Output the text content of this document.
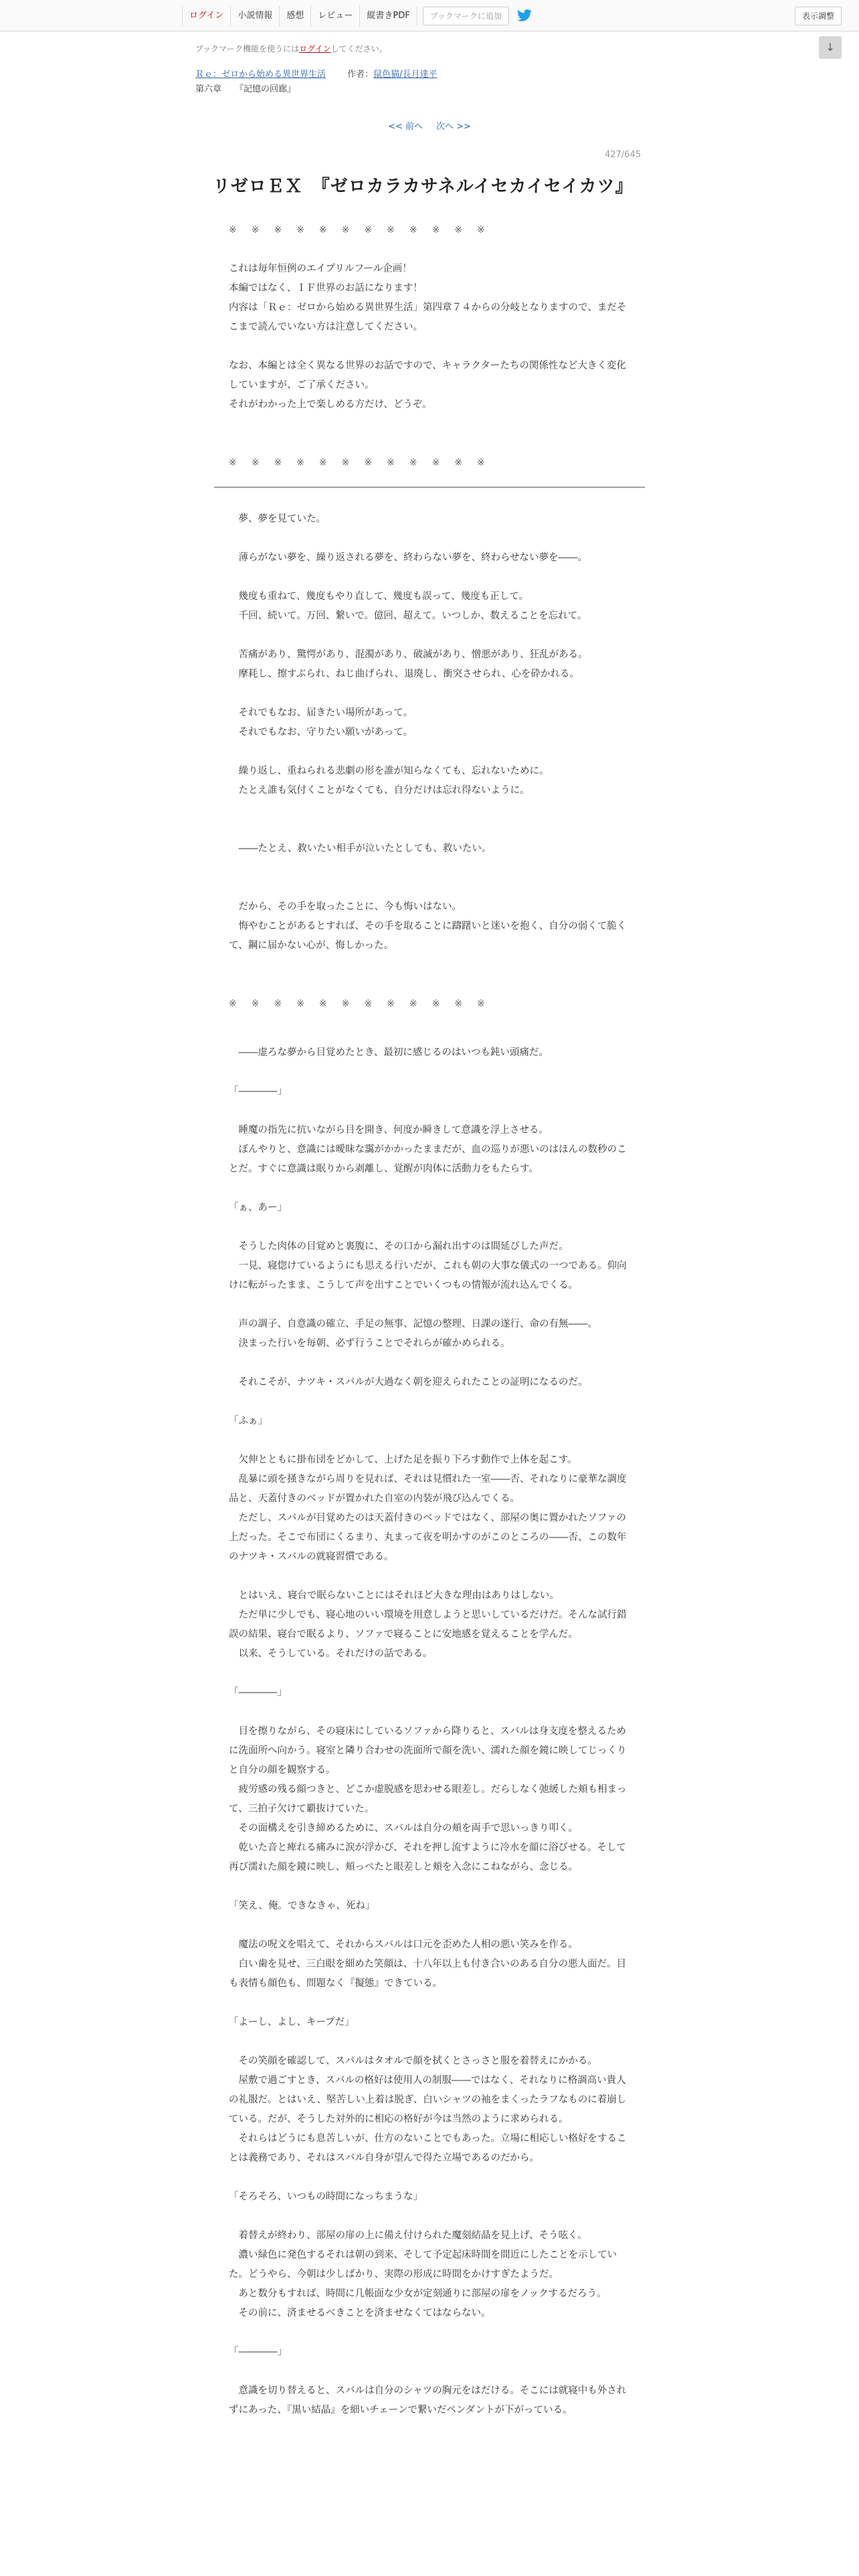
ログイン	小説情報	感想	レビュー	縦書きPDF	ブックマークに追加	表示調整
↓
ブックマーク機能を使うにはログインしてください。
Ｒｅ：ゼロから始める異世界生活 作者：鼠色猫/長月達平
第六章 『記憶の回廊』
<< 前へ 次へ >>
427/645
リゼロＥＸ　『ゼロカラカサネルイセカイセイカツ』

※　※　※　※　※　※　※　※　※　※　※　※

これは毎年恒例のエイプリルフール企画！
本編ではなく、ＩＦ世界のお話になります！
内容は「Ｒｅ：ゼロから始める異世界生活」第四章７４からの分岐となりますので、まだそこまで読んでいない方は注意してください。

なお、本編とは全く異なる世界のお話ですので、キャラクターたちの関係性など大きく変化していますが、ご了承ください。
それがわかった上で楽しめる方だけ、どうぞ。

※　※　※　※　※　※　※　※　※　※　※　※

　夢、夢を見ていた。

　薄らがない夢を、繰り返される夢を、終わらない夢を、終わらせない夢を――。

　幾度も重ねて、幾度もやり直して、幾度も誤って、幾度も正して。
　千回、続いて。万回、繋いで。億回、超えて。いつしか、数えることを忘れて。

　苦痛があり、驚愕があり、混濁があり、破滅があり、憎悪があり、狂乱がある。
　摩耗し、擦すぶられ、ねじ曲げられ、退廃し、衝突させられ、心を砕かれる。

　それでもなお、届きたい場所があって。
　それでもなお、守りたい願いがあって。

　繰り返し、重ねられる悲劇の形を誰が知らなくても、忘れないために。
　たとえ誰も気付くことがなくても、自分だけは忘れ得ないように。

　――たとえ、救いたい相手が泣いたとしても、救いたい。

　だから、その手を取ったことに、今も悔いはない。
　悔やむことがあるとすれば、その手を取ることに躊躇いと迷いを抱く、自分の弱くて脆くて、鋼に届かない心が、悔しかった。

※　※　※　※　※　※　※　※　※　※　※　※

　――虚ろな夢から目覚めたとき、最初に感じるのはいつも鈍い頭痛だ。

「――――」

　睡魔の指先に抗いながら目を開き、何度か瞬きして意識を浮上させる。
　ぼんやりと、意識には曖昧な靄がかかったままだが、血の巡りが悪いのはほんの数秒のことだ。すぐに意識は眠りから剥離し、覚醒が肉体に活動力をもたらす。

「ぁ、あー」

　そうした肉体の目覚めと裏腹に、その口から漏れ出すのは間延びした声だ。
　一見、寝惚けているようにも思える行いだが、これも朝の大事な儀式の一つである。仰向けに転がったまま、こうして声を出すことでいくつもの情報が流れ込んでくる。

　声の調子、自意識の確立、手足の無事、記憶の整理、日課の遂行、命の有無――。
　決まった行いを毎朝、必ず行うことでそれらが確かめられる。

　それこそが、ナツキ・スバルが大過なく朝を迎えられたことの証明になるのだ。

「ふぁ」

　欠伸とともに掛布団をどかして、上げた足を振り下ろす動作で上体を起こす。
　乱暴に頭を掻きながら周りを見れば、それは見慣れた一室――否、それなりに豪華な調度品と、天蓋付きのベッドが置かれた自室の内装が飛び込んでくる。
　ただし、スバルが目覚めたのは天蓋付きのベッドではなく、部屋の奥に置かれたソファの上だった。そこで布団にくるまり、丸まって夜を明かすのがこのところの――否、この数年のナツキ・スバルの就寝習慣である。

　とはいえ、寝台で眠らないことにはそれほど大きな理由はありはしない。
　ただ単に少しでも、寝心地のいい環境を用意しようと思いしているだけだ。そんな試行錯誤の結果、寝台で眠るより、ソファで寝ることに安地感を覚えることを学んだ。
　以来、そうしている。それだけの話である。

「――――」

　目を擦りながら、その寝床にしているソファから降りると、スバルは身支度を整えるために洗面所へ向かう。寝室と隣り合わせの洗面所で顔を洗い、濡れた顔を鏡に映してじっくりと自分の顔を観察する。
　疲労感の残る顔つきと、どこか虚脱感を思わせる眼差し。だらしなく弛緩した頬も相まって、三拍子欠けて覇抜けていた。
　その面構えを引き締めるために、スバルは自分の頬を両手で思いっきり叩く。
　乾いた音と痺れる痛みに涙が浮かび、それを押し流すように冷水を顔に浴びせる。そして再び濡れた顔を鏡に映し、頬っぺたと眼差しと頬を入念にこねながら、念じる。

「笑え、俺。できなきゃ、死ね」

　魔法の呪文を唱えて、それからスバルは口元を歪めた人相の悪い笑みを作る。
　白い歯を見せ、三白眼を細めた笑顔は、十八年以上も付き合いのある自分の悪人面だ。目も表情も顔色も、問題なく『擬態』できている。

「よーし、よし、キープだ」

　その笑顔を確認して、スバルはタオルで顔を拭くとさっさと服を着替えにかかる。
　屋敷で過ごすとき、スバルの格好は使用人の制服――ではなく、それなりに格調高い貴人の礼服だ。とはいえ、堅苦しい上着は脱ぎ、白いシャツの袖をまくったラフなものに着崩している。だが、そうした対外的に相応の格好が今は当然のように求められる。
　それらはどうにも息苦しいが、仕方のないことでもあった。立場に相応しい格好をすることは義務であり、それはスバル自身が望んで得た立場であるのだから。

「そろそろ、いつもの時間になっちまうな」

　着替えが終わり、部屋の扉の上に備え付けられた魔刻結晶を見上げ、そう呟く。
　濃い緑色に発色するそれは朝の到来、そして予定起床時間を間近にしたことを示していた。どうやら、今朝は少しばかり、実際の形成に時間をかけすぎたようだ。
　あと数分もすれば、時間に几帳面な少女が定刻通りに部屋の扉をノックするだろう。
　その前に、済ませるべきことを済ませなくてはならない。

「――――」

　意識を切り替えると、スバルは自分のシャツの胸元をはだける。そこには就寝中も外されずにあった、『黒い結晶』を細いチェーンで繋いだペンダントが下がっている。
